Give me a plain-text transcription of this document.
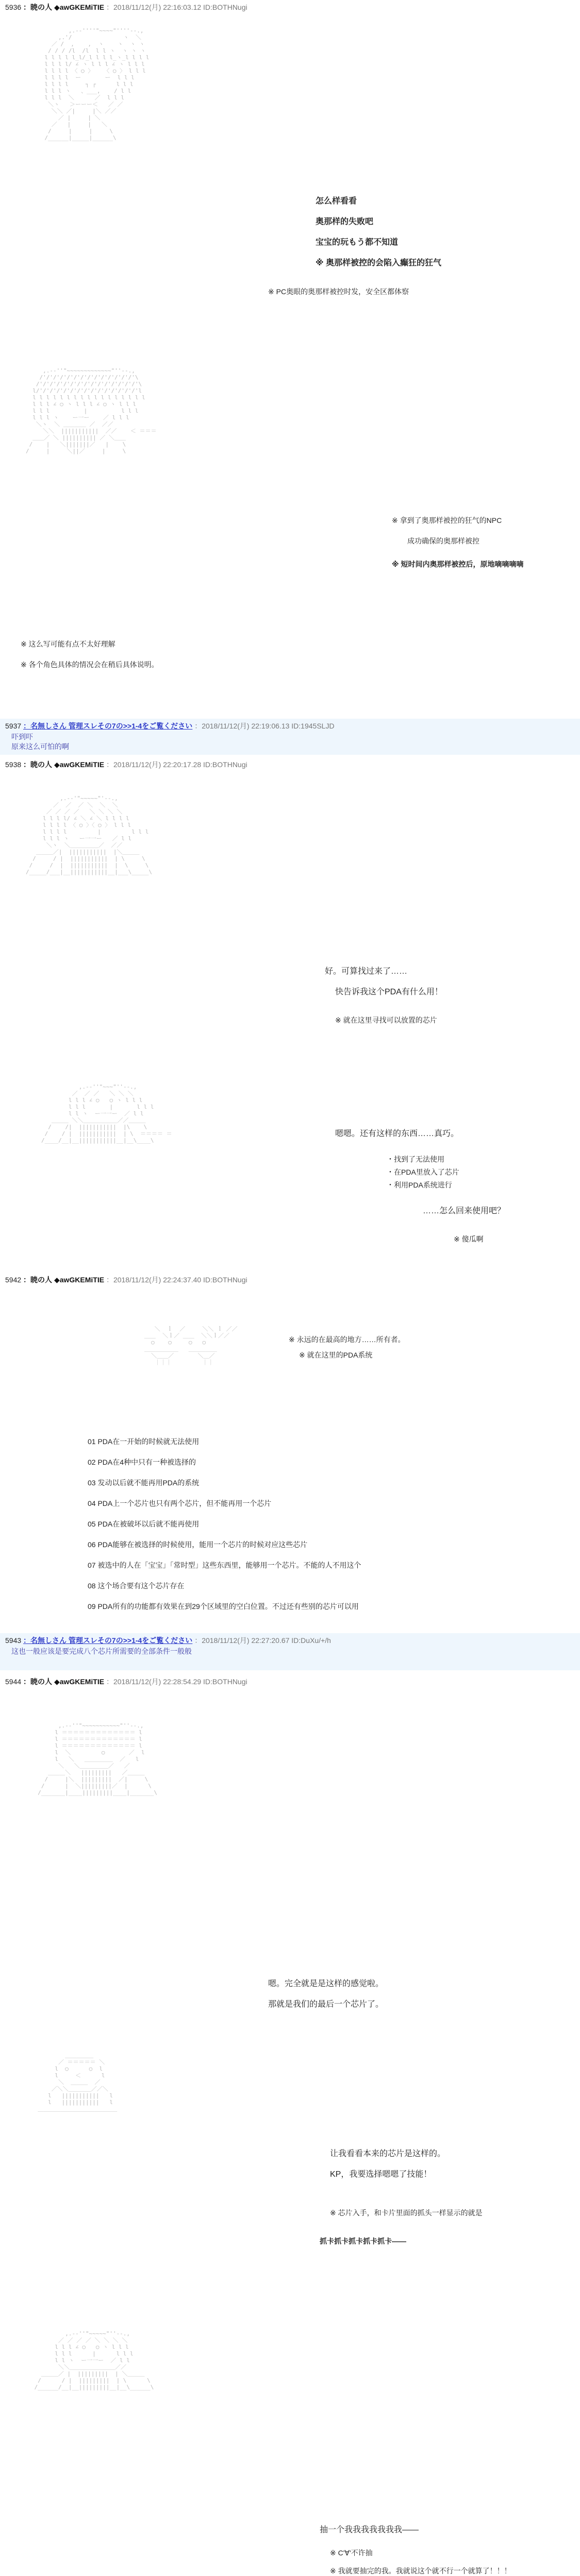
5936 ：暁の人 ◆awGKEMiTIE ：2018/11/12(月) 22:16:03.12 ID:BOTHNugi

,.-‐''''"~~~~"''''‐-.,
,.'/               ヽ  ＼
／ /  ,    ,  ヽ    ヽ  ヽ ヽ
/ / / /l  /l  l l ヽ  ヽ ヽ ヽ
l l l l l_l/_l l l l_ヽ_l l l l
l l l l/ ∠ ヽ l l l ∠ ヽ l l l
l l l l 〈 ○ 〉   〈 ○ 〉 l l l
l l l l  ー       ー  l l l
l l l l     ┐ ┌      l l l
l l l ヽ   、___,    / l l
l l l  ＼      ／  l l l
＼ヽ   ＞ーーー＜   ／ ／
＼＼ ／|     |＼ ／／
／ |     | ＼
／   |     |   ＼
/     |     |     \
/______|_____|______\

,.-‐''"~~~~~~~~~~~~~"''‐-.,
/'/'/'/'/'/'/'/'/'/'/'/'/'/'\
/'/'/'/'/'/'/'/'/'/'/'/'/'/'/'\
l/'/'/'/'/'/'/'/'/'/'/'/'/'/'/'l
l l l l l l l l l l l l l l l l l
l l l ∠ ○ ヽ l l l ∠ ○ ヽ l l l
l l l          |          l l l
l l l ヽ    ー一ー    ／ l l l
＼ヽ  ＼ ＿＿＿＿ ／  ／／
＼＼  |||||||||||  ／／    ＜ ＝＝＝
＿＿／ ＼ |||||||||| ／ ＼＿＿
/    |   ＼|||||||／   |    \
/     |     ＼||／     |     \

怎么样看看
奥那样的失败吧
宝宝的玩もう都不知道
※ 奥那样被控的会陷入癫狂的狂气
※ PC奥眼的奥那样被控时发，安全区都体察
※ 拿到了奥那样被控的狂气的NPC
成功确保的奥那样被控
※ 短时间内奥那样被控后，原地嘀嘀嘀嘀
※ 这么写可能有点不太好理解
※ 各个角色具体的情况会在稍后具体说明。
5937 ：名無しさん 管理スレその7の>>1-4をご覧ください ：2018/11/12(月) 22:19:06.13 ID:1945SLJD
吓到吓
原来这么可怕的啊
5938 ：暁の人 ◆awGKEMiTIE ：2018/11/12(月) 22:20:17.28 ID:BOTHNugi

,.-‐'"~~~~~"'‐-.,
／  ／  ／ ＼  ＼  ＼
／ ／ ／ ／   ＼ ＼ ＼ ＼
l l l l/ ∠ ＼ ∠ ＼ l l l l
l l l l 〈 ○ 〉〈 ○ 〉 l l l
l l l l         |         l l l
l l l ヽ   ー一一ー   ／ l l
＼ヽ  ＼＿＿＿＿＿／  ／／
＿＿＿／|  |||||||||||  |＼＿＿＿
/     / |  |||||||||||  | \     \
/     /  |  |||||||||||  |  \     \
/_____/___|__|||||||||||__|___\_____\

,.-‐''"~~~"''‐-.,
／  ／ ／   ＼ ＼ ＼
l l l ∠ ○   ○ ヽ l l l
l l l       |       l l l
l l ヽ  ー一一ー  ／ l l
＿＿＿ ＼＼＿＿＿＿＿＿／／＿＿＿
/    /|  |||||||||||  |\    \
/    / |  |||||||||||  | \  ＝＝＝＝ ＝
/____/__|__|||||||||||__|__\____\

好。可算找过来了……
快告诉我这个PDA有什么用！
※ 就在这里寻找可以放置的芯片
嗯嗯。还有这样的东西……真巧。
・找到了无法使用
・在PDA里放入了芯片
・利用PDA系统进行
……怎么回来使用吧？
※ 傻瓜啊
5942 ：暁の人 ◆awGKEMiTIE ：2018/11/12(月) 22:24:37.40 ID:BOTHNugi

＼  ｌ  ／     ＼＼ ｌ ／／
＿＿  ＼ｌ／ ＿＿  ＼＼ｌ／／
○    ○     ○   ○
＿＿＿＿＿＿   ＿＿＿＿＿
＼＿＿／       ＼＿／
｜｜｜         ｜｜

※ 永远的在最高的地方……所有者。
※ 就在这里的PDA系统
01 PDA在一开始的时候就无法使用
02 PDA在4种中只有一种被选择的
03 发动以后就不能再用PDA的系统
04 PDA上一个芯片也只有两个芯片，但不能再用一个芯片
05 PDA在被破坏以后就不能再使用
06 PDA能够在被选择的时候使用，能用一个芯片的时候对应这些芯片
07 被选中的人在「宝宝」「常时型」这些东西里，能够用一个芯片。不能的人不用这个
08 这个场合要有这个芯片存在
09 PDA所有的功能都有效果在到29个区域里的空白位置。不过还有些别的芯片可以用
5943 ：名無しさん 管理スレその7の>>1-4をご覧ください ：2018/11/12(月) 22:27:20.67 ID:DuXu/+/h
这也一般应该是要完成八个芯片所需要的全部条件一般般
5944 ：暁の人 ◆awGKEMiTIE ：2018/11/12(月) 22:28:54.29 ID:BOTHNugi

,.-‐''"~~~~~~~~~~~"''‐-.,
l ＝＝＝＝＝＝＝＝＝＝＝＝＝ l
l ＝＝＝＝＝＝＝＝＝＝＝＝＝ l
l ＝＝＝＝＝＝＝＝＝＝＝＝＝ l
l  ＼         ○       ／  l
l   ＼   ＿＿＿＿＿  ／   l
＼   ＼＿＿＿＿＿／   ／
＿＿＿＼   |||||||||   ／＿＿＿
/     |＼  |||||||||  ／|     \
/      |  ＼|||||||||／  |      \
/_______|____|||||||||____|_______\

嗯。完全就是是这样的感觉啦。
那就是我们的最后一个芯片了。

＿＿＿＿＿
／ ＝＝＝＝＝ ＼
l  ○      ○  l
l     ＜      l
＼  ＿＿＿  ／
／＼＼＿＿＿＿／／＼
l   |||||||||||   l
l   |||||||||||   l
＿＿＿＿＿＿＿＿＿＿＿＿＿＿

让我看看本来的芯片是这样的。
KP，我要选择嗯嗯了技能！
※ 芯片入手，和卡片里面的抓头一样显示的就是
抓卡抓卡抓卡抓卡抓卡——

,.-‐''"~~~~~"''‐-.,
／ ／ ／ ／ ＼ ＼ ＼ ＼
l l l ∠ ○   ○ ヽ l l l
l l l      |      l l l
l l ヽ  ー一一ー  ／ l l
＼＼＿＿＿＿＿＿＿＿／／
＿＿＿／ |  |||||||||  | ＼＿＿＿
/      / |  |||||||||  | \      \
/______/__|__|||||||||__|__\______\

抽一个我我我我我我我——
※ C'∀'不许抽
※ 我就要抽完的我。我就说这个就不行一个就算了！！！
